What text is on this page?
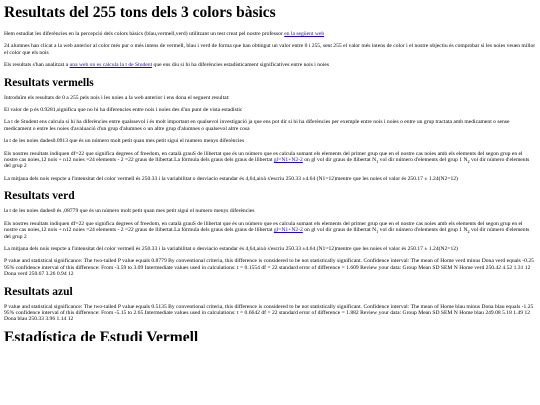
Resultats del 255 tons dels 3 colors bàsics

Hem estudiat les diferències en la percepció dels colors bàsics (blau,vermell,verd) utilitzant un test creat pel nostre professor en la següent web

24 alumnes han clicat a la web anterior al color més pur o més intens de vermell, blau i verd de forma que han obtingut un valor entre 0 i 255, sent 255 el valor més intens de color i el nostre objectiu és comprobar si les noies veuen millor el color que els nois

Els resultats s'han analitzat a una web on es calcula la t de Student que ens diu si hi ha diferències estadísticament significatives entre nois i noies

Resultats vermells

Introduïm els resultats de 0 a 255 pels nois i les noies a la web anterior i ens dona el seguent resultat:

El valor de p és 0.9281,significa que no hi ha diferencies entre nois i noies des d'un punt de vista estadístic

La t de Student ens calcula si hi ha diferències entre qualssevol i és molt important en qualsevol investigació ja que ens pot dir si hi ha diferències per exemple entre nois i noies o entre un grup tractata amb medicament o sense medicament o entre les noies d'avaluació d'un grup d'alumnes o un altre grup d'alumnes o qualsevol altre cosa

la t de les noies dades0.0913 que és un número molt petit quan mes petit sigui el numero menys diferències

Els nostres resultats indiquen df=22 que significa degrees of freedom, en català grauS de llibertat que és un número que es calcula sumant els elements del primer grup que en el nostre cas noies amb els elements del segon grup en el nostre cas noies,12 nois + n12 noies =24 elements - 2 =22 graus de llibertat.La fórmula dels graus dels graus de llibertat gl=N1+N2-2 on gl vol dir graus de llibertat $N_1$ vol dir número d'elements del grup 1 $N_2$ vol dir número d'elements del grup 2

La mitjana dels nois respcte a l'intensitat del color vermell és 250.33 i la variabilitat o desviacio estandar és 4,64,això s'escriu 250.33 ±4.64 (N1=12)mentre que les noies el valor és 250.17 ± 1.24(N2=12)

Resultats verd

la t de les noies dades0 és ,08779 que és un número molt petit quan mes petit sigui el numero menys diferències

Els nostres resultats indiquen df=22 que significa degrees of freedom, en català grauS de llibertat que és un número que es calcula sumant els elements del primer grup que en el nostre cas noies amb els elements del segon grup en el nostre cas noies,12 nois + n12 noies =24 elements - 2 =22 graus de llibertat.La fórmula dels graus dels graus de llibertat gl=N1+N2-2 on gl vol dir graus de llibertat $N_1$ vol dir número d'elements del grup 1 $N_2$ vol dir número d'elements del grup 2

La mitjana dels nois respcte a l'intensitat del color vermell és 250.33 i la variabilitat o desviacio estandar és 4,64,això s'escriu 250.33 ±4.64 (N1=12)mentre que les noies el valor és 250.17 ± 1.24(N2=12)

P value and statistical significance: The two-tailed P value equals 0.8779 By conventional criteria, this difference is considered to be not statistically significant. Confidence interval: The mean of Home verd minus Dona verd equals -0.25 95% confidence interval of this difference: From -3.59 to 3.09 Intermediate values used in calculations: t = 0.1554 df = 22 standard error of difference = 1.609 Review your data: Group Mean SD SEM N Home verd 250.42 4.52 1.31 12 Dona verd 250.67 3.26 0.94 12

Resultats azul

P value and statistical significance: The two-tailed P value equals 0.5135 By conventional criteria, this difference is considered to be not statistically significant. Confidence interval: The mean of Home blau minus Dona blau equals -1.25 95% confidence interval of this difference: From -5.15 to 2.65 Intermediate values used in calculations: t = 0.6642 df = 22 standard error of difference = 1.882 Review your data: Group Mean SD SEM N Home blau 249.08 5.18 1.49 12 Dona blau 250.33 3.96 1.14 12

Estadística de Estudi Vermell
